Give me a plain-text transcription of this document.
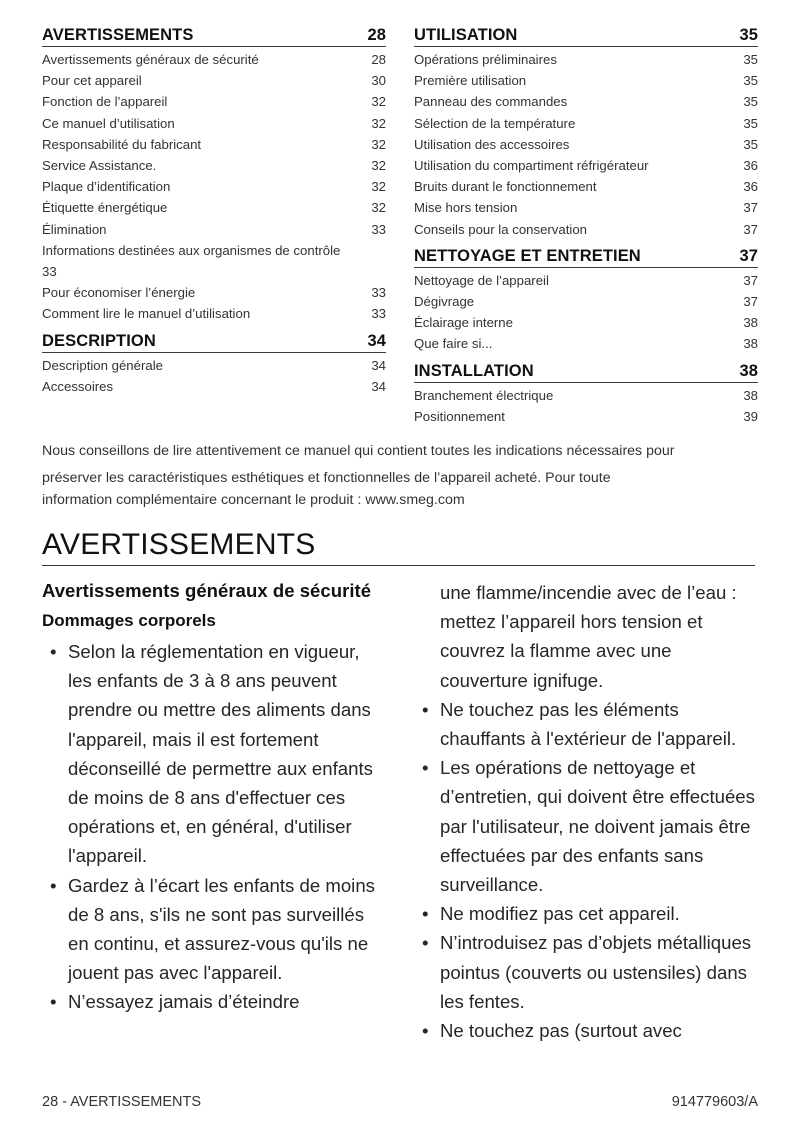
AVERTISSEMENTS	28
Avertissements généraux de sécurité	28
Pour cet appareil	30
Fonction de l’appareil	32
Ce manuel d’utilisation	32
Responsabilité du fabricant	32
Service Assistance.	32
Plaque d’identification	32
Étiquette énergétique	32
Élimination	33
Informations destinées aux organismes de contrôle
33
Pour économiser l’énergie	33
Comment lire le manuel d’utilisation	33
DESCRIPTION	34
Description générale	34
Accessoires	34
UTILISATION	35
Opérations préliminaires	35
Première utilisation	35
Panneau des commandes	35
Sélection de la température	35
Utilisation des accessoires	35
Utilisation du compartiment réfrigérateur	36
Bruits durant le fonctionnement	36
Mise hors tension	37
Conseils pour la conservation	37
NETTOYAGE ET ENTRETIEN	37
Nettoyage de l’appareil	37
Dégivrage	37
Éclairage interne	38
Que faire si...	38
INSTALLATION	38
Branchement électrique	38
Positionnement	39
Nous conseillons de lire attentivement ce manuel qui contient toutes les indications nécessaires pour
préserver les caractéristiques esthétiques et fonctionnelles de l’appareil acheté. Pour toute
information complémentaire concernant le produit : www.smeg.com
AVERTISSEMENTS
Avertissements généraux de sécurité
Dommages corporels
• Selon la réglementation en vigueur, les enfants de 3 à 8 ans peuvent prendre ou mettre des aliments dans l'appareil, mais il est fortement déconseillé de permettre aux enfants de moins de 8 ans d'effectuer ces opérations et, en général, d'utiliser l'appareil.
• Gardez à l’écart les enfants de moins de 8 ans, s'ils ne sont pas surveillés en continu, et assurez-vous qu'ils ne jouent pas avec l'appareil.
• N’essayez jamais d’éteindre
une flamme/incendie avec de l’eau : mettez l’appareil hors tension et couvrez la flamme avec une couverture ignifuge.
• Ne touchez pas les éléments chauffants à l'extérieur de l'appareil.
• Les opérations de nettoyage et d’entretien, qui doivent être effectuées par l'utilisateur, ne doivent jamais être effectuées par des enfants sans surveillance.
• Ne modifiez pas cet appareil.
• N’introduisez pas d’objets métalliques pointus (couverts ou ustensiles) dans les fentes.
• Ne touchez pas (surtout avec
28 - AVERTISSEMENTS	914779603/A
